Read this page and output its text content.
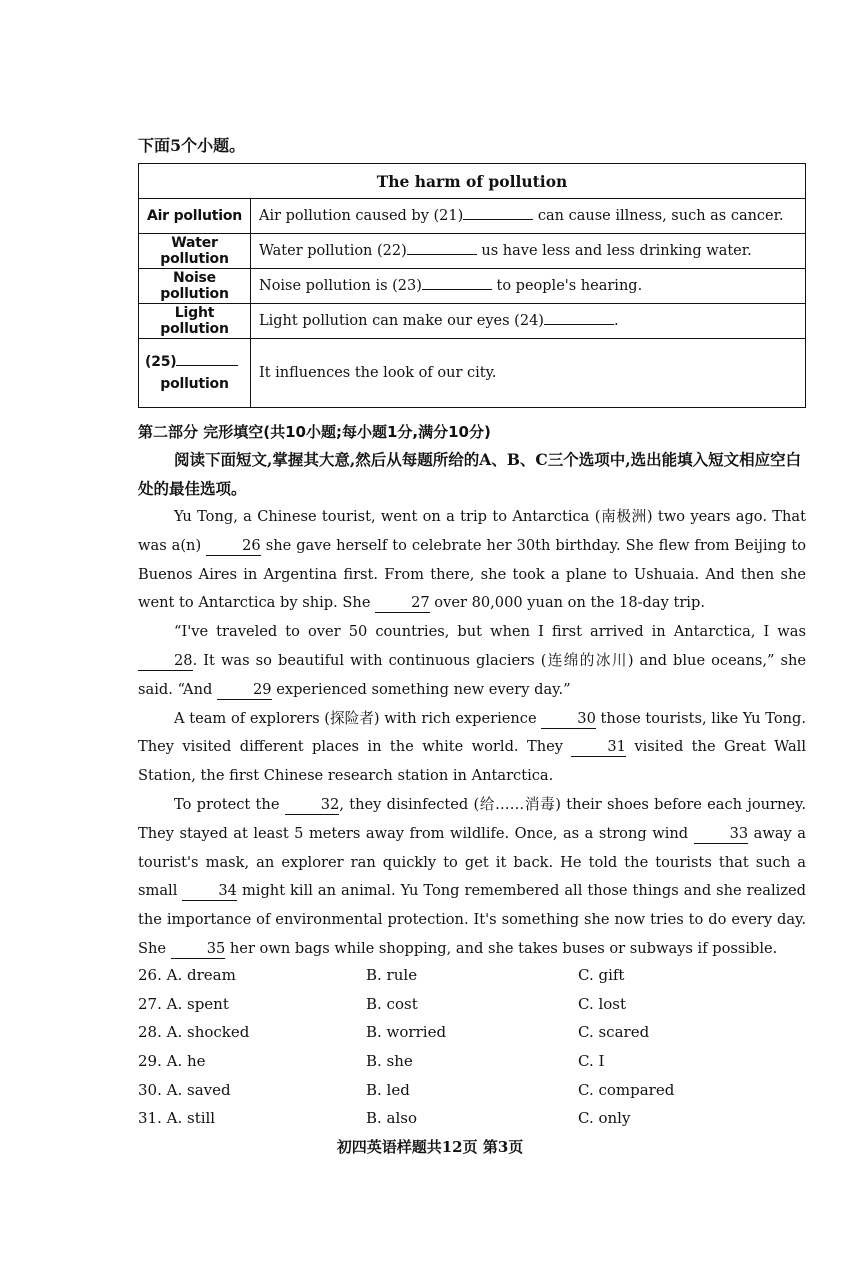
下面5个小题。
The harm of pollution	
Air pollution	Air pollution caused by (21) can cause illness, such as cancer.
Water pollution	Water pollution (22) us have less and less drinking water.
Noise pollution	Noise pollution is (23) to people's hearing.
Light pollution	Light pollution can make our eyes (24) .

(25)
pollution	It influences the look of our city.
第二部分 完形填空(共10小题;每小题1分,满分10分)
阅读下面短文,掌握其大意,然后从每题所给的A、B、C三个选项中,选出能填入短文相应空白处的最佳选项。

Yu Tong, a Chinese tourist, went on a trip to Antarctica (南极洲) two years ago. That was a(n) 26 she gave herself to celebrate her 30th birthday. She flew from Beijing to Buenos Aires in Argentina first. From there, she took a plane to Ushuaia. And then she went to Antarctica by ship. She 27 over 80,000 yuan on the 18-day trip.

“I've traveled to over 50 countries, but when I first arrived in Antarctica, I was 28. It was so beautiful with continuous glaciers (连绵的冰川) and blue oceans,” she said. “And 29 experienced something new every day.”

A team of explorers (探险者) with rich experience 30 those tourists, like Yu Tong. They visited different places in the white world. They 31 visited the Great Wall Station, the first Chinese research station in Antarctica.

To protect the 32, they disinfected (给……消毒) their shoes before each journey. They stayed at least 5 meters away from wildlife. Once, as a strong wind 33 away a tourist's mask, an explorer ran quickly to get it back. He told the tourists that such a small 34 might kill an animal. Yu Tong remembered all those things and she realized the importance of environmental protection. It's something she now tries to do every day. She 35 her own bags while shopping, and she takes buses or subways if possible.

26. A. dream	B. rule	C. gift
27. A. spent	B. cost	C. lost
28. A. shocked	B. worried	C. scared
29. A. he	B. she	C. I
30. A. saved	B. led	C. compared
31. A. still	B. also	C. only
初四英语样题共12页 第3页
